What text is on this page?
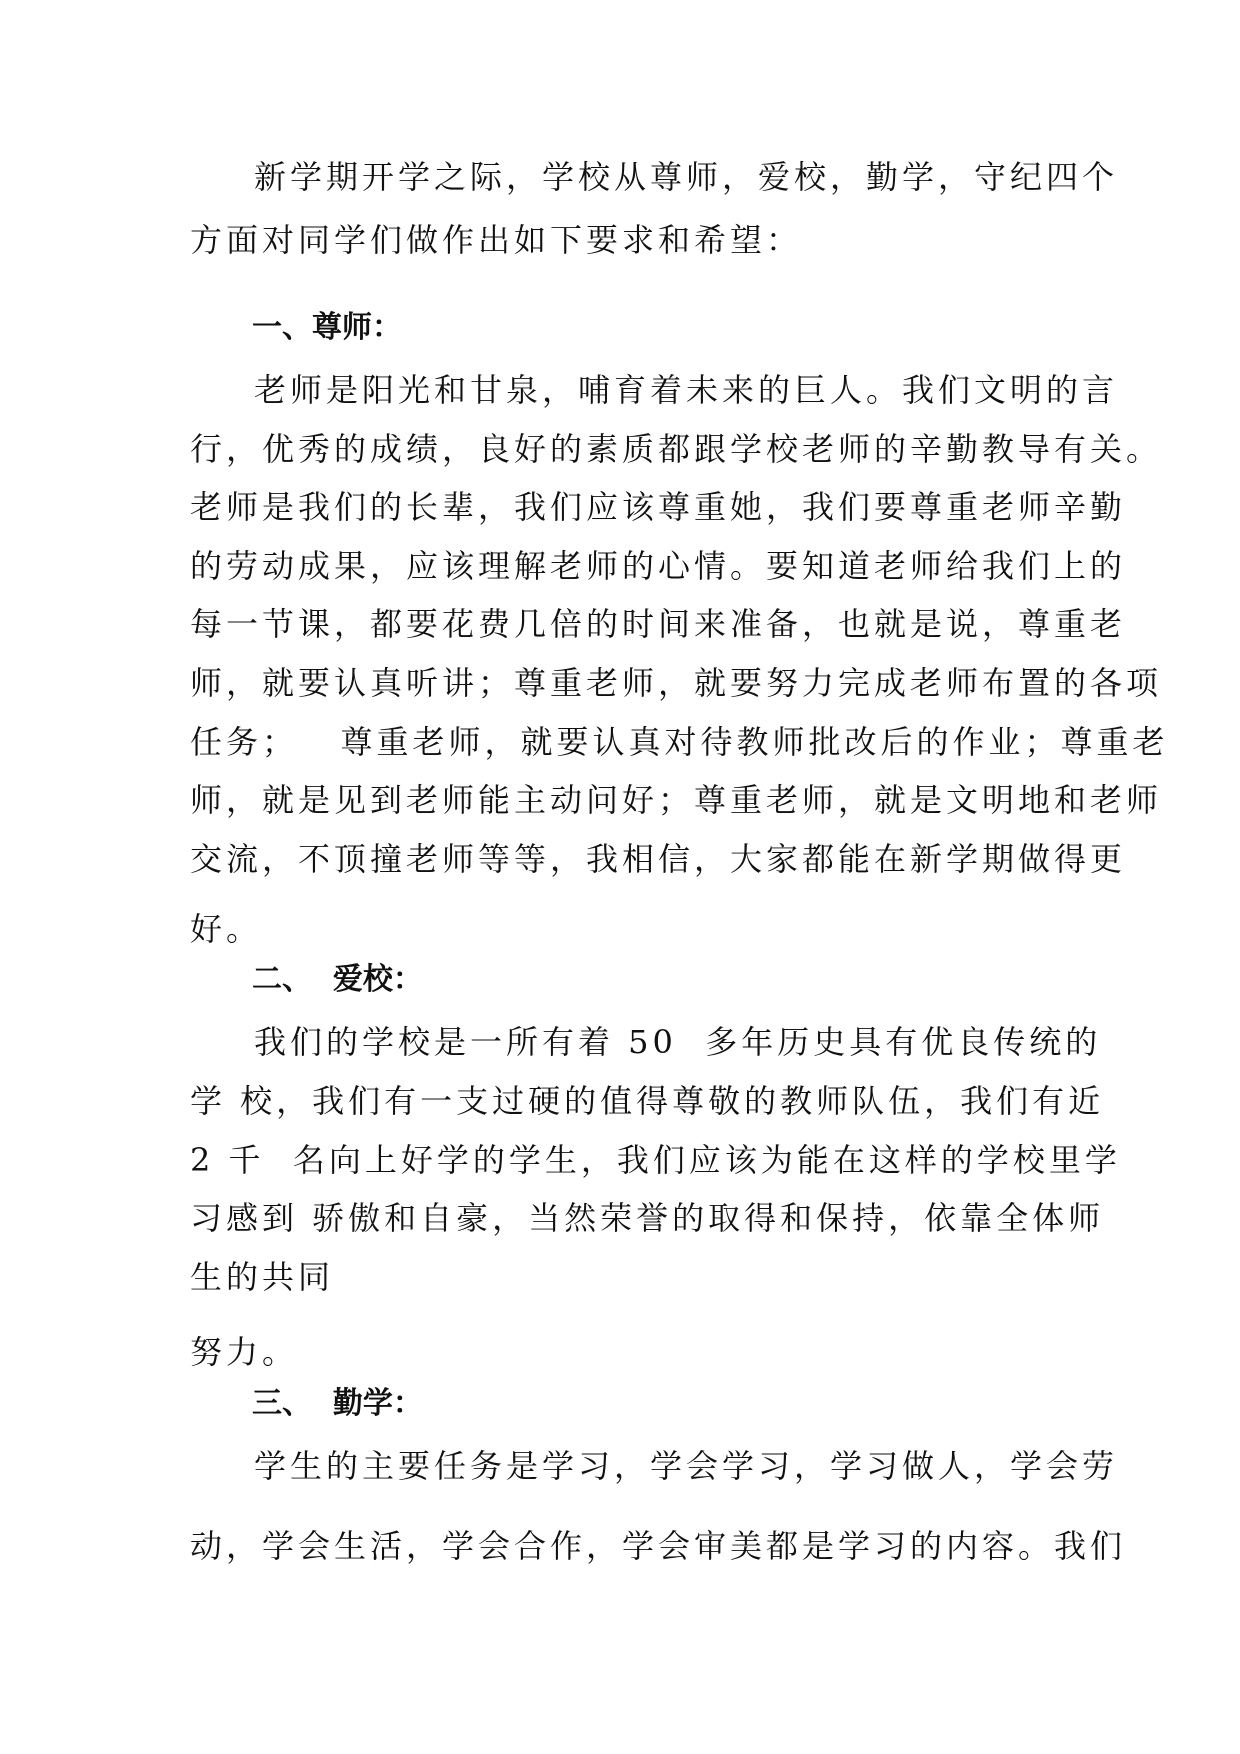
新学期开学之际，学校从尊师，爱校，勤学，守纪四个
方面对同学们做作出如下要求和希望：
一、尊师：
老师是阳光和甘泉，哺育着未来的巨人。我们文明的言
行，优秀的成绩，良好的素质都跟学校老师的辛勤教导有关。
老师是我们的长辈，我们应该尊重她，我们要尊重老师辛勤
的劳动成果，应该理解老师的心情。要知道老师给我们上的
每一节课，都要花费几倍的时间来准备，也就是说，尊重老
师，就要认真听讲；尊重老师，就要努力完成老师布置的各项
任务；   尊重老师，就要认真对待教师批改后的作业；尊重老
师，就是见到老师能主动问好；尊重老师，就是文明地和老师
交流，不顶撞老师等等，我相信，大家都能在新学期做得更
好。
二、  爱校：
我们的学校是一所有着 50  多年历史具有优良传统的
学 校，我们有一支过硬的值得尊敬的教师队伍，我们有近
2 千  名向上好学的学生，我们应该为能在这样的学校里学
习感到 骄傲和自豪，当然荣誉的取得和保持，依靠全体师
生的共同
努力。
三、  勤学：
学生的主要任务是学习，学会学习，学习做人，学会劳
动，学会生活，学会合作，学会审美都是学习的内容。我们
